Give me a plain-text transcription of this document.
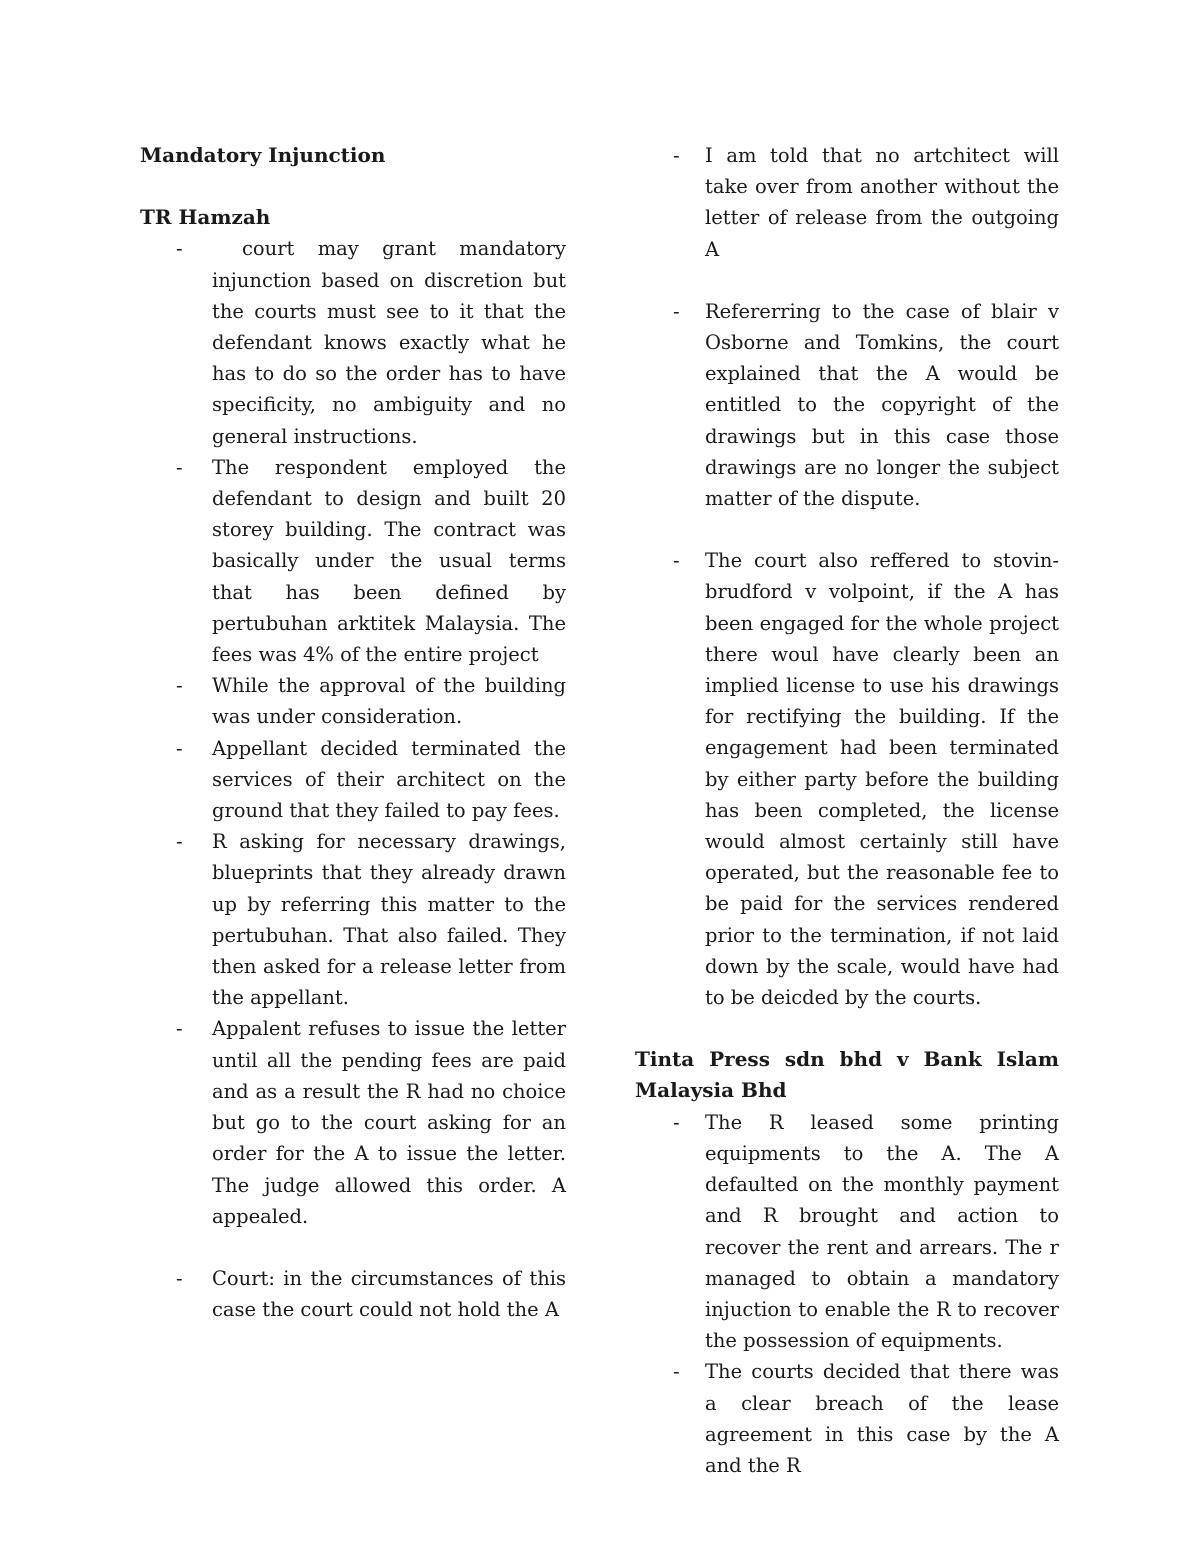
Mandatory Injunction

TR Hamzah

-	court may grant mandatory injunction based on discretion but the courts must see to it that the defendant knows exactly what he has to do so the order has to have specificity, no ambiguity and no general instructions.
-	The respondent employed the defendant to design and built 20 storey building. The contract was basically under the usual terms that has been defined by pertubuhan arktitek Malaysia. The fees was 4% of the entire project
-	While the approval of the building was under consideration.
-	Appellant decided terminated the services of their architect on the ground that they failed to pay fees.
-	R asking for necessary drawings, blueprints that they already drawn up by referring this matter to the pertubuhan. That also failed. They then asked for a release letter from the appellant.
-	Appalent refuses to issue the letter until all the pending fees are paid and as a result the R had no choice but go to the court asking for an order for the A to issue the letter. The judge allowed this order. A appealed.
-	Court: in the circumstances of this case the court could not hold the A
-	I am told that no artchitect will take over from another without the letter of release from the outgoing A
-	Refererring to the case of blair v Osborne and Tomkins, the court explained that the A would be entitled to the copyright of the drawings but in this case those drawings are no longer the subject matter of the dispute.
-	The court also reffered to stovin-brudford v volpoint, if the A has been engaged for the whole project there woul have clearly been an implied license to use his drawings for rectifying the building. If the engagement had been terminated by either party before the building has been completed, the license would almost certainly still have operated, but the reasonable fee to be paid for the services rendered prior to the termination, if not laid down by the scale, would have had to be deicded by the courts.

Tinta Press sdn bhd v Bank Islam Malaysia Bhd

-	The R leased some printing equipments to the A. The A defaulted on the monthly payment and R brought and action to recover the rent and arrears. The r managed to obtain a mandatory injuction to enable the R to recover the possession of equipments.
-	The courts decided that there was a clear breach of the lease agreement in this case by the A and the R
